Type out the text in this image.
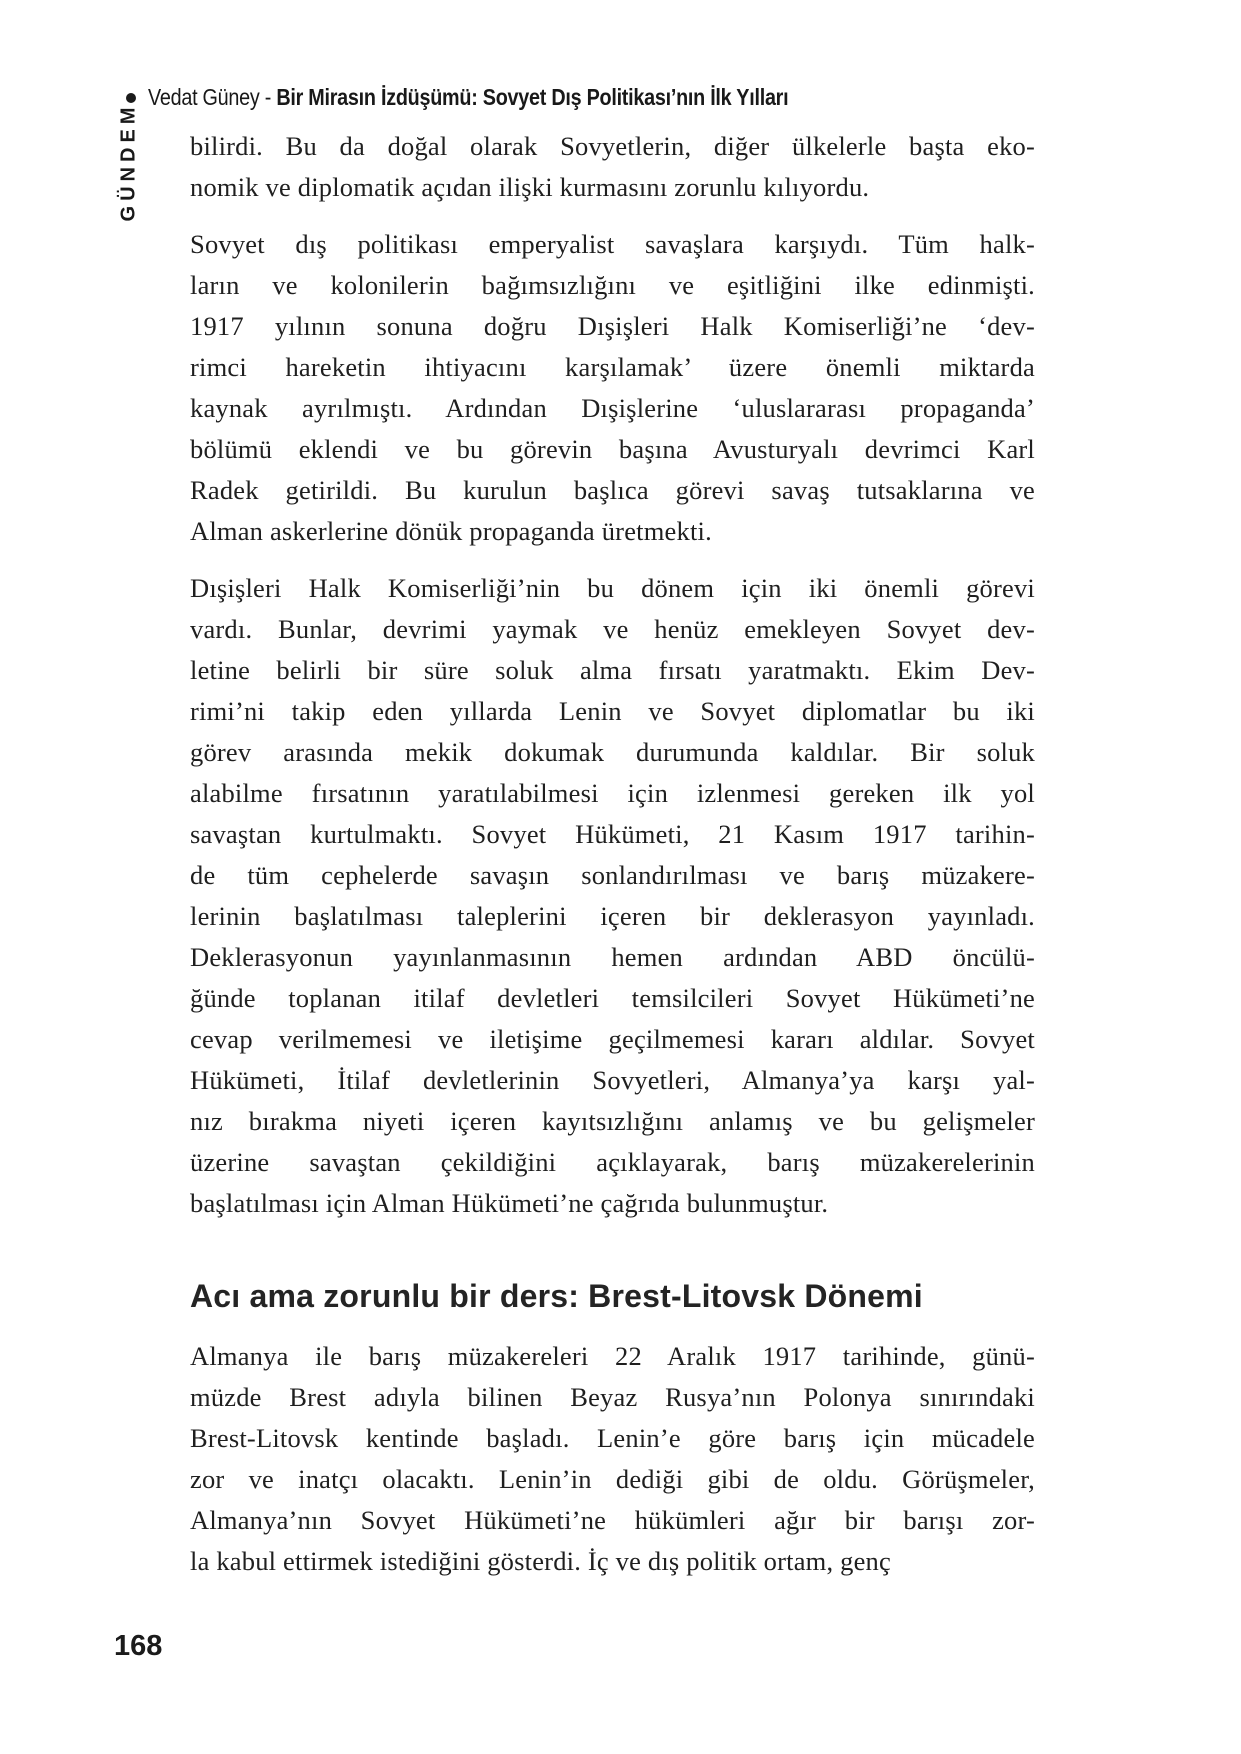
Vedat Güney - Bir Mirasın İzdüşümü: Sovyet Dış Politikası’nın İlk Yılları
GÜNDEM bilirdi. Bu da doğal olarak Sovyetlerin, diğer ülkelerle başta eko-
nomik ve diplomatik açıdan ilişki kurmasını zorunlu kılıyordu.
Sovyet dış politikası emperyalist savaşlara karşıydı. Tüm halk-
ların ve kolonilerin bağımsızlığını ve eşitliğini ilke edinmişti.
1917 yılının sonuna doğru Dışişleri Halk Komiserliği’ne ‘dev-
rimci hareketin ihtiyacını karşılamak’ üzere önemli miktarda
kaynak ayrılmıştı. Ardından Dışişlerine ‘uluslararası propaganda’
bölümü eklendi ve bu görevin başına Avusturyalı devrimci Karl
Radek getirildi. Bu kurulun başlıca görevi savaş tutsaklarına ve
Alman askerlerine dönük propaganda üretmekti.
Dışişleri Halk Komiserliği’nin bu dönem için iki önemli görevi
vardı. Bunlar, devrimi yaymak ve henüz emekleyen Sovyet dev-
letine belirli bir süre soluk alma fırsatı yaratmaktı. Ekim Dev-
rimi’ni takip eden yıllarda Lenin ve Sovyet diplomatlar bu iki
görev arasında mekik dokumak durumunda kaldılar. Bir soluk
alabilme fırsatının yaratılabilmesi için izlenmesi gereken ilk yol
savaştan kurtulmaktı. Sovyet Hükümeti, 21 Kasım 1917 tarihin-
de tüm cephelerde savaşın sonlandırılması ve barış müzakere-
lerinin başlatılması taleplerini içeren bir deklerasyon yayınladı.
Deklerasyonun yayınlanmasının hemen ardından ABD öncülü-
ğünde toplanan itilaf devletleri temsilcileri Sovyet Hükümeti’ne
cevap verilmemesi ve iletişime geçilmemesi kararı aldılar. Sovyet
Hükümeti, İtilaf devletlerinin Sovyetleri, Almanya’ya karşı yal-
nız bırakma niyeti içeren kayıtsızlığını anlamış ve bu gelişmeler
üzerine savaştan çekildiğini açıklayarak, barış müzakerelerinin
başlatılması için Alman Hükümeti’ne çağrıda bulunmuştur.
Acı ama zorunlu bir ders: Brest-Litovsk Dönemi
Almanya ile barış müzakereleri 22 Aralık 1917 tarihinde, günü-
müzde Brest adıyla bilinen Beyaz Rusya’nın Polonya sınırındaki
Brest-Litovsk kentinde başladı. Lenin’e göre barış için mücadele
zor ve inatçı olacaktı. Lenin’in dediği gibi de oldu. Görüşmeler,
Almanya’nın Sovyet Hükümeti’ne hükümleri ağır bir barışı zor-
la kabul ettirmek istediğini gösterdi. İç ve dış politik ortam, genç
168
